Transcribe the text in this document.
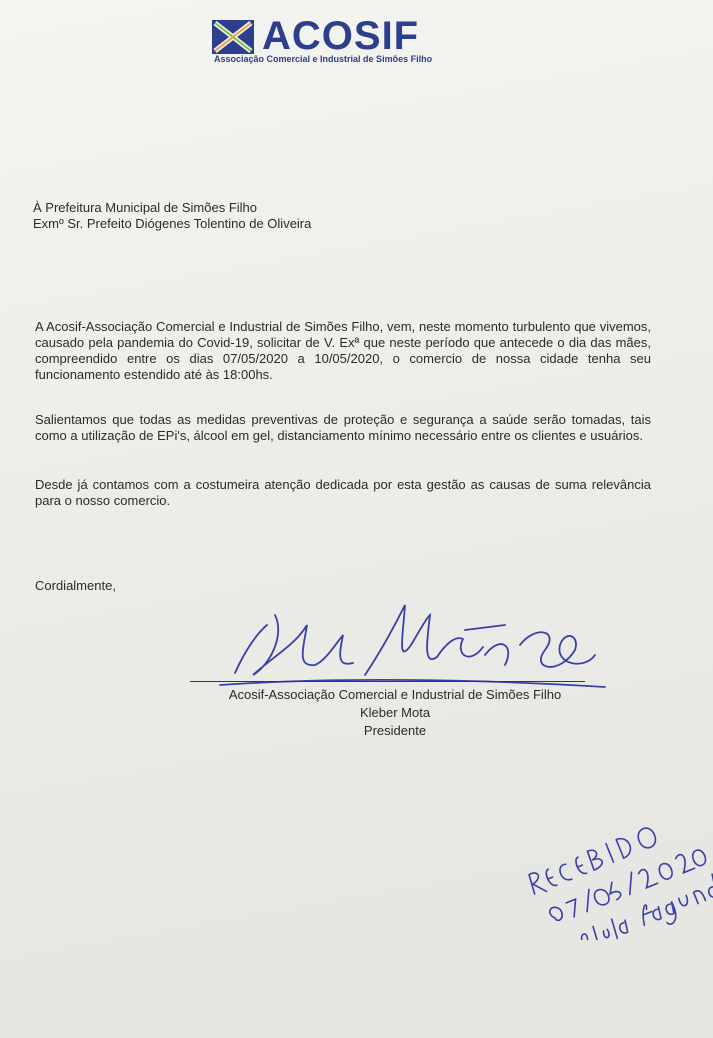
ACOSIF
Associação Comercial e Industrial de Simões Filho
À Prefeitura Municipal de Simões Filho
Exmº Sr. Prefeito Diógenes Tolentino de Oliveira
A Acosif-Associação Comercial e Industrial de Simões Filho, vem, neste momento turbulento que vivemos, causado pela pandemia do Covid-19, solicitar de V. Exª que neste período que antecede o dia das mães, compreendido entre os dias 07/05/2020 a 10/05/2020, o comercio de nossa cidade tenha seu funcionamento estendido até às 18:00hs.
Salientamos que todas as medidas preventivas de proteção e segurança a saúde serão tomadas, tais como a utilização de EPi's, álcool em gel, distanciamento mínimo necessário entre os clientes e usuários.
Desde já contamos com a costumeira atenção dedicada por esta gestão as causas de suma relevância para o nosso comercio.
Cordialmente,
Acosif-Associação Comercial e Industrial de Simões Filho
Kleber Mota
Presidente
